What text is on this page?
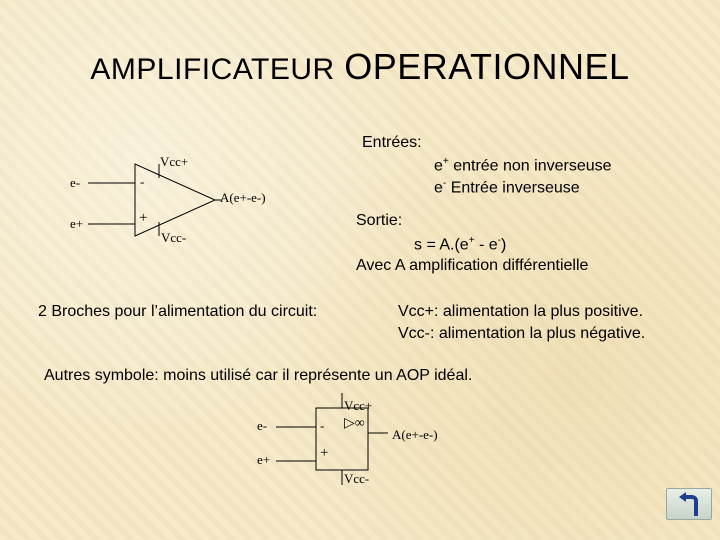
AMPLIFICATEUR OPERATIONNEL
Vcc+
Vcc-
e-
e+
-
+
A(e+-e-)
Entrées:
e+ entrée non inverseuse
e- Entrée inverseuse
Sortie:
s = A.(e+ - e-)
Avec A amplification différentielle
2 Broches pour l’alimentation du circuit:	Vcc+: alimentation la plus positive.
Vcc-: alimentation la plus négative.
Autres symbole: moins utilisé car il représente un AOP idéal.
Vcc+
Vcc-
e-
e+
-
+
▷∞
A(e+-e-)
